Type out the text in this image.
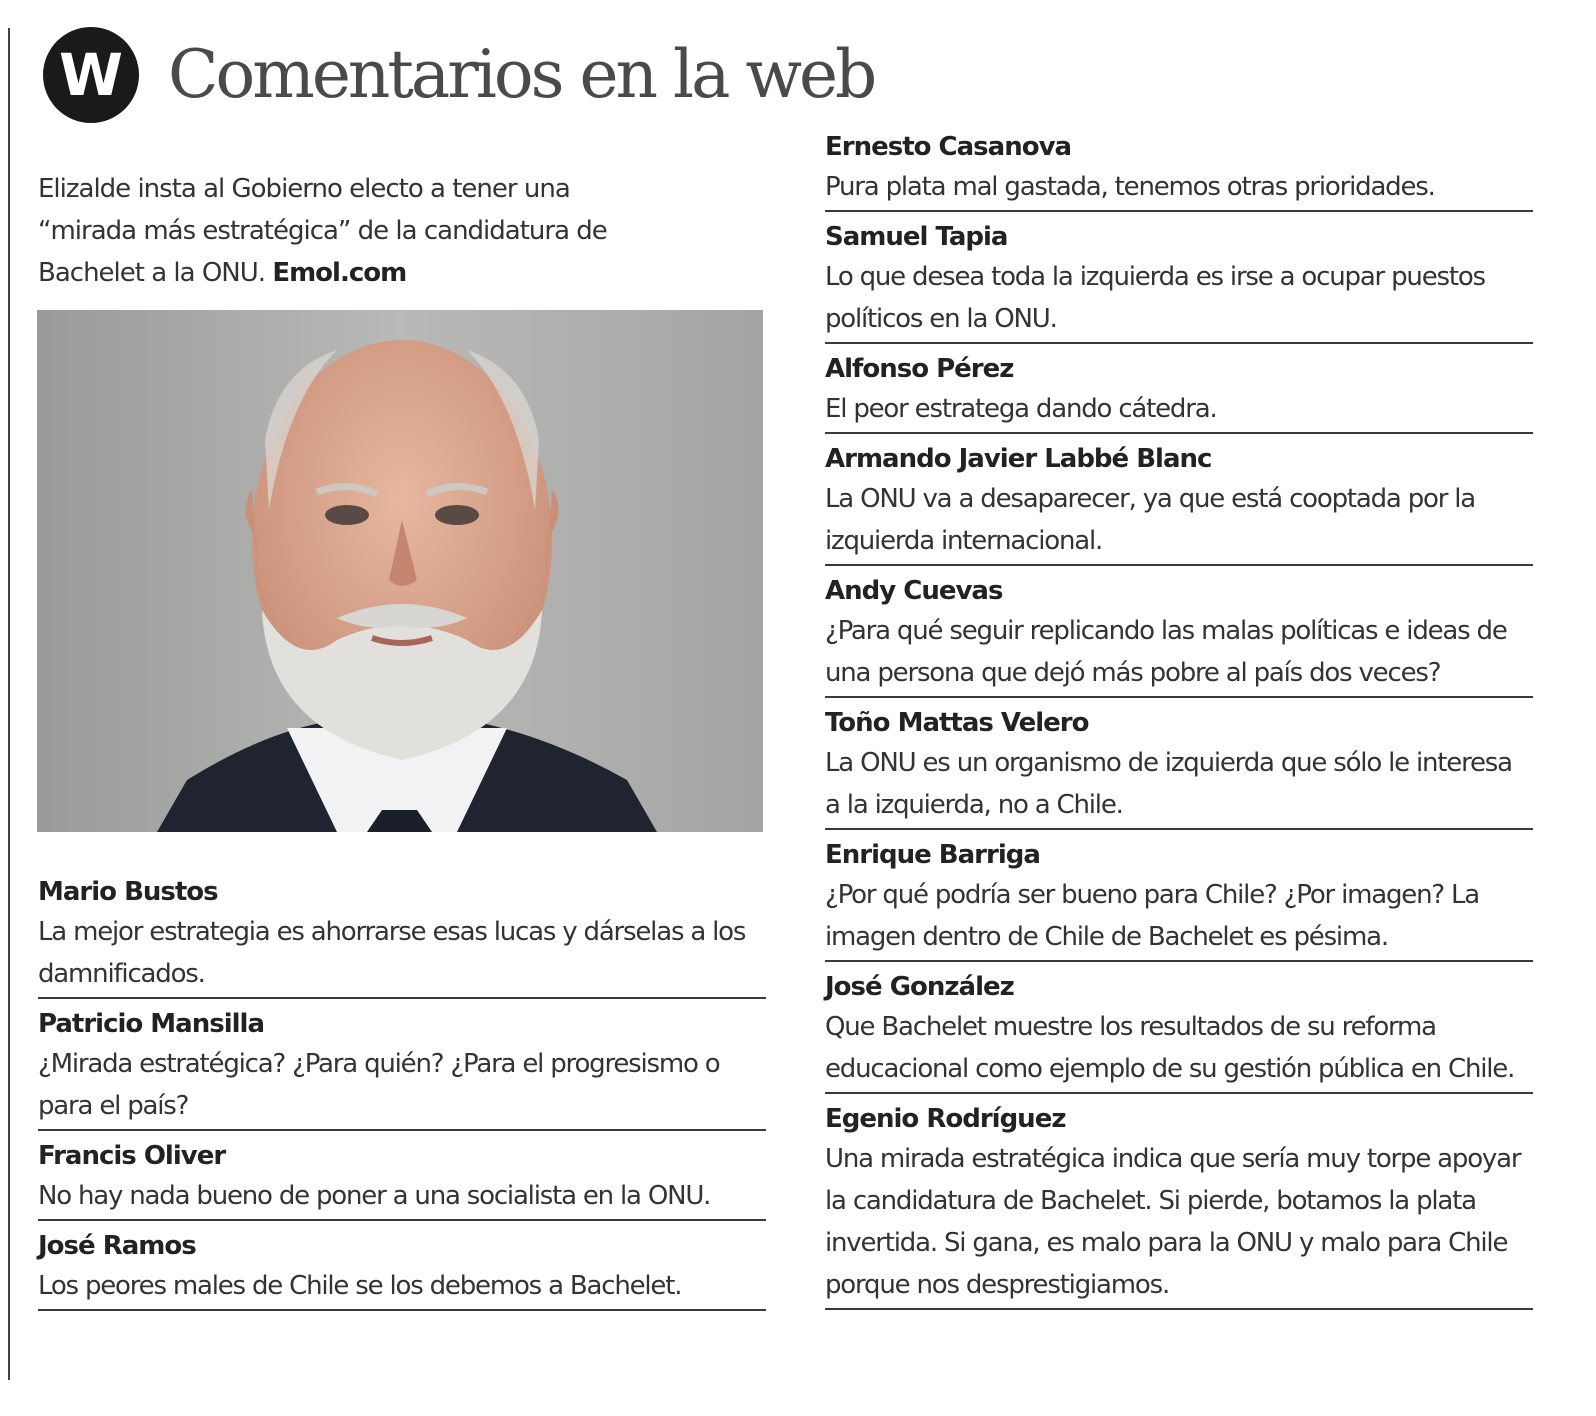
W Comentarios en la web
Elizalde insta al Gobierno electo a tener una “mirada más estratégica” de la candidatura de Bachelet a la ONU. Emol.com
Mario Bustos
La mejor estrategia es ahorrarse esas lucas y dárselas a los damnificados.
Patricio Mansilla
¿Mirada estratégica? ¿Para quién? ¿Para el progresismo o para el país?
Francis Oliver
No hay nada bueno de poner a una socialista en la ONU.
José Ramos
Los peores males de Chile se los debemos a Bachelet.
Ernesto Casanova
Pura plata mal gastada, tenemos otras prioridades.
Samuel Tapia
Lo que desea toda la izquierda es irse a ocupar puestos políticos en la ONU.
Alfonso Pérez
El peor estratega dando cátedra.
Armando Javier Labbé Blanc
La ONU va a desaparecer, ya que está cooptada por la izquierda internacional.
Andy Cuevas
¿Para qué seguir replicando las malas políticas e ideas de una persona que dejó más pobre al país dos veces?
Toño Mattas Velero
La ONU es un organismo de izquierda que sólo le interesa a la izquierda, no a Chile.
Enrique Barriga
¿Por qué podría ser bueno para Chile? ¿Por imagen? La imagen dentro de Chile de Bachelet es pésima.
José González
Que Bachelet muestre los resultados de su reforma educacional como ejemplo de su gestión pública en Chile.
Egenio Rodríguez
Una mirada estratégica indica que sería muy torpe apoyar la candidatura de Bachelet. Si pierde, botamos la plata invertida. Si gana, es malo para la ONU y malo para Chile porque nos desprestigiamos.
